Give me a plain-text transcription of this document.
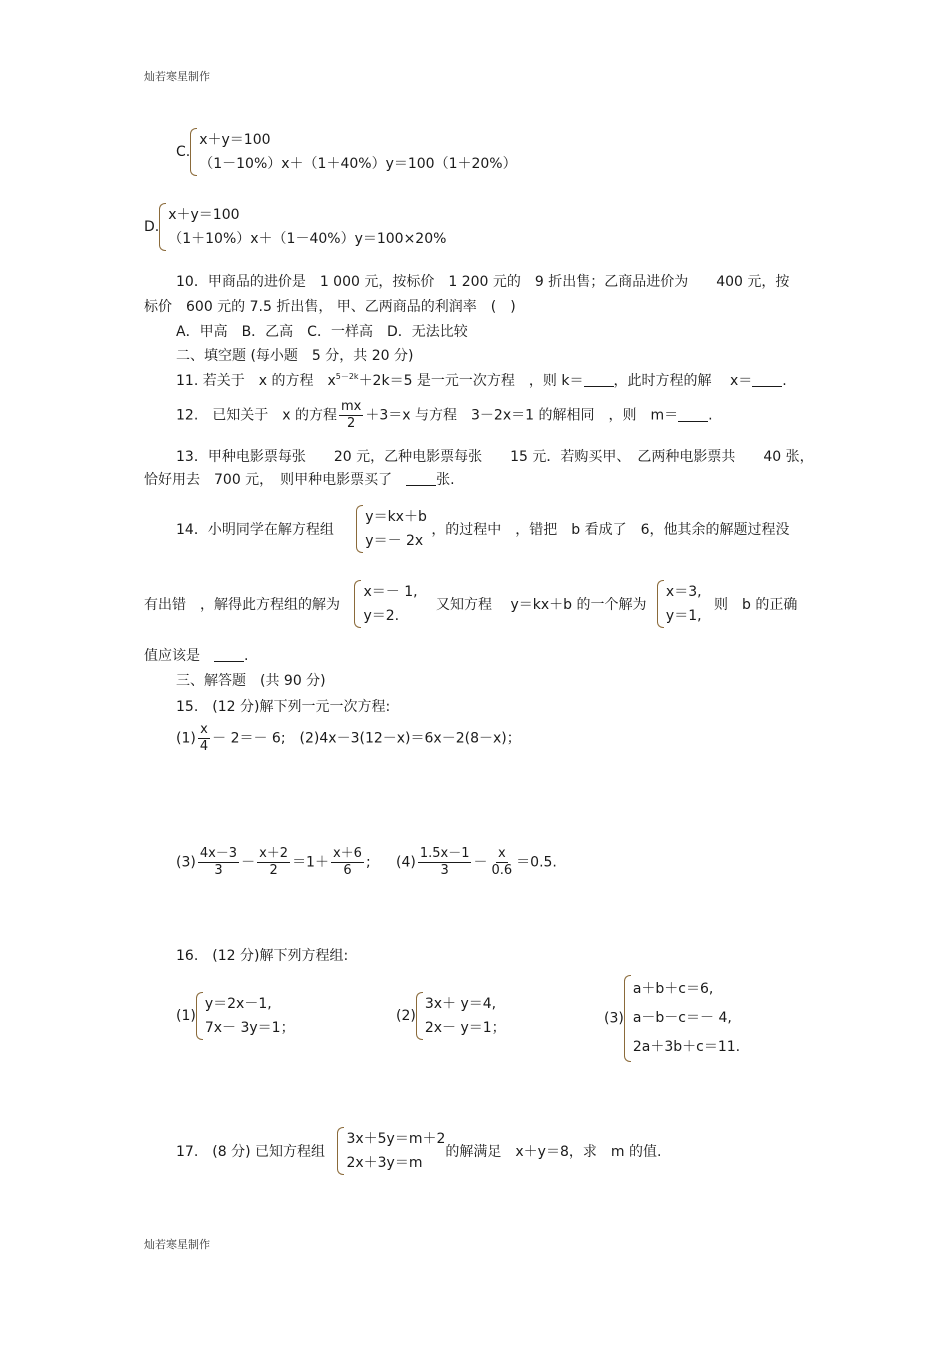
灿若寒星制作
C.
x＋y＝100
（1－10%）x＋（1＋40%）y＝100（1＋20%）
D.
x＋y＝100
（1＋10%）x＋（1－40%）y＝100×20%
10．甲商品的进价是　1 000 元，按标价　1 200 元的　9 折出售；乙商品进价为　　400 元，按
标价　600 元的 7.5 折出售， 甲、乙两商品的利润率　(　)
A．甲高　B．乙高　C．一样高　D．无法比较
二、填空题 (每小题　5 分，共 20 分)
11. 若关于　x 的方程　$x^{5-2k}+2k=5$ 是一元一次方程　，则 k＝ ，此时方程的解　 x＝ .
12.　已知关于　x 的方程 $\frac{mx}{2} +3=x$ 与方程　3－2x＝1 的解相同　，则　m＝ .
13．甲种电影票每张　　20 元，乙种电影票每张　　15 元．若购买甲、　乙两种电影票共　　40 张，
恰好用去　700 元，　则甲种电影票买了　张.
14．小明同学在解方程组
y＝kx＋b
y＝－ 2x
，的过程中　，错把　b 看成了　6，他其余的解题过程没
有出错　，解得此方程组的解为
x＝－ 1,
y＝2.
又知方程　 y＝kx＋b 的一个解为
x＝3,
y＝1,
则　b 的正确
值应该是　.
三、解答题　(共 90 分)
15.　(12 分)解下列一元一次方程:
$(1) \frac{x}{4} - 2=- 6$;　(2)4x－3(12－x)＝6x－2(8－x)；
$(3) \frac{4x-3}{3} - \frac{x+2}{2} =1+ \frac{x+6}{6}$ ; $(4) \frac{1.5x-1}{3} - \frac{x}{0.6} =0.5$.
16.　(12 分)解下列方程组:
(1)
y＝2x－1,
7x－ 3y＝1；
(2)
3x＋ y＝4,
2x－ y＝1；
(3)
a＋b＋c＝6,
a－b－c＝－ 4,
2a＋3b＋c＝11.
17.　(8 分) 已知方程组
3x＋5y＝m＋2
2x＋3y＝m
的解满足　x＋y＝8，求　m 的值.
灿若寒星制作
